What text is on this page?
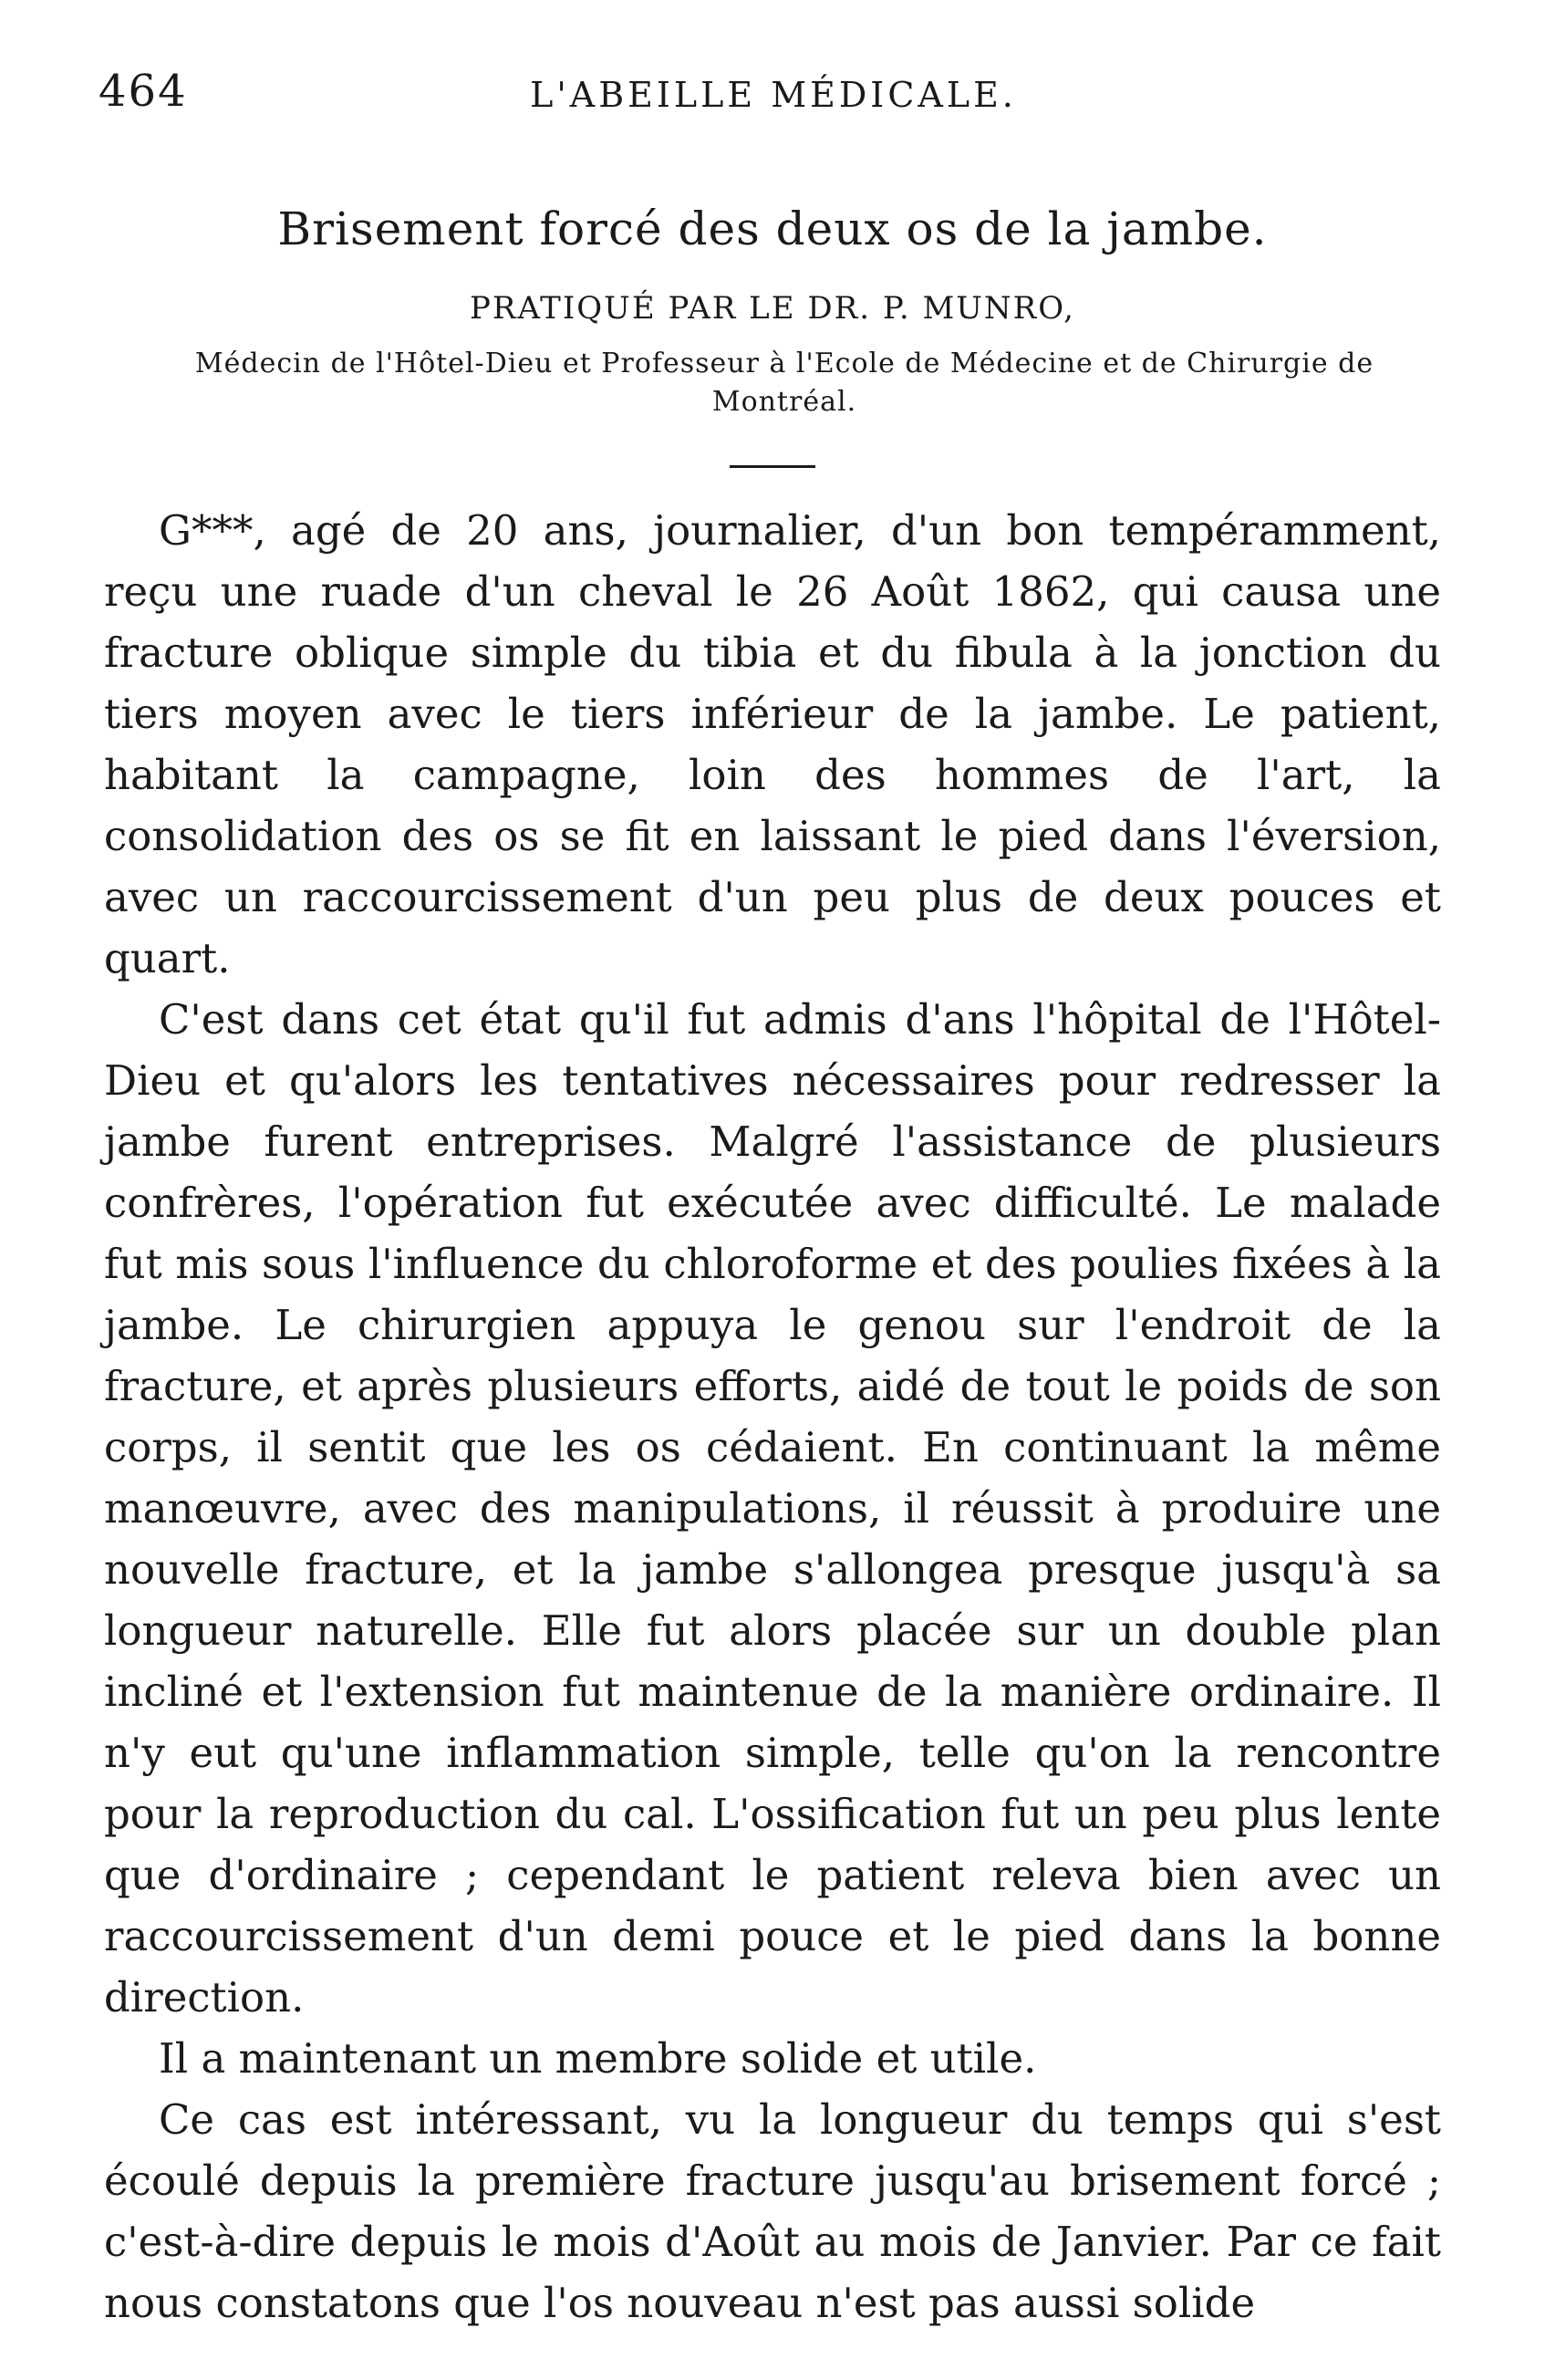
464	L'ABEILLE MÉDICALE.
Brisement forcé des deux os de la jambe.
PRATIQUÉ PAR LE DR. P. MUNRO,
Médecin de l'Hôtel-Dieu et Professeur à l'Ecole de Médecine et de Chirurgie de Montréal.

G***, agé de 20 ans, journalier, d'un bon tempéramment, reçu une ruade d'un cheval le 26 Août 1862, qui causa une fracture oblique simple du tibia et du fibula à la jonction du tiers moyen avec le tiers inférieur de la jambe. Le patient, habitant la campagne, loin des hommes de l'art, la consolidation des os se fit en laissant le pied dans l'éversion, avec un raccourcissement d'un peu plus de deux pouces et quart.

C'est dans cet état qu'il fut admis d'ans l'hôpital de l'Hôtel-Dieu et qu'alors les tentatives nécessaires pour redresser la jambe furent entreprises. Malgré l'assistance de plusieurs confrères, l'opération fut exécutée avec difficulté. Le malade fut mis sous l'influence du chloroforme et des poulies fixées à la jambe. Le chirurgien appuya le genou sur l'endroit de la fracture, et après plusieurs efforts, aidé de tout le poids de son corps, il sentit que les os cédaient. En continuant la même manœuvre, avec des manipulations, il réussit à produire une nouvelle fracture, et la jambe s'allongea presque jusqu'à sa longueur naturelle. Elle fut alors placée sur un double plan incliné et l'extension fut maintenue de la manière ordinaire. Il n'y eut qu'une inflammation simple, telle qu'on la rencontre pour la reproduction du cal. L'ossification fut un peu plus lente que d'ordinaire ; cependant le patient releva bien avec un raccourcissement d'un demi pouce et le pied dans la bonne direction.

Il a maintenant un membre solide et utile.

Ce cas est intéressant, vu la longueur du temps qui s'est écoulé depuis la première fracture jusqu'au brisement forcé ; c'est-à-dire depuis le mois d'Août au mois de Janvier. Par ce fait nous constatons que l'os nouveau n'est pas aussi solide
